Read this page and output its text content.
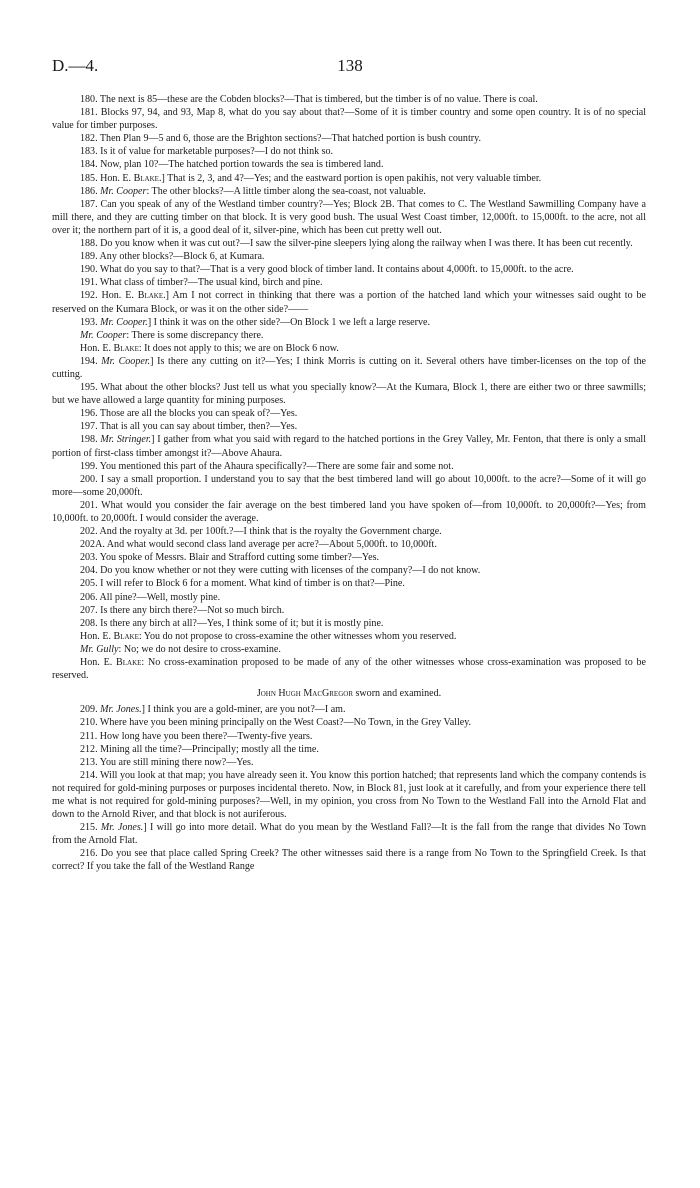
D.—4.	138

180. The next is 85—these are the Cobden blocks?—That is timbered, but the timber is of no value. There is coal.

181. Blocks 97, 94, and 93, Map 8, what do you say about that?—Some of it is timber country and some open country. It is of no special value for timber purposes.

182. Then Plan 9—5 and 6, those are the Brighton sections?—That hatched portion is bush country.

183. Is it of value for marketable purposes?—I do not think so.

184. Now, plan 10?—The hatched portion towards the sea is timbered land.

185. Hon. E. Blake.] That is 2, 3, and 4?—Yes; and the eastward portion is open pakihis, not very valuable timber.

186. Mr. Cooper: The other blocks?—A little timber along the sea-coast, not valuable.

187. Can you speak of any of the Westland timber country?—Yes; Block 2B. That comes to C. The Westland Sawmilling Company have a mill there, and they are cutting timber on that block. It is very good bush. The usual West Coast timber, 12,000ft. to 15,000ft. to the acre, not all over it; the northern part of it is, a good deal of it, silver-pine, which has been cut pretty well out.

188. Do you know when it was cut out?—I saw the silver-pine sleepers lying along the railway when I was there. It has been cut recently.

189. Any other blocks?—Block 6, at Kumara.

190. What do you say to that?—That is a very good block of timber land. It contains about 4,000ft. to 15,000ft. to the acre.

191. What class of timber?—The usual kind, birch and pine.

192. Hon. E. Blake.] Am I not correct in thinking that there was a portion of the hatched land which your witnesses said ought to be reserved on the Kumara Block, or was it on the other side?——

193. Mr. Cooper.] I think it was on the other side?—On Block 1 we left a large reserve.

Mr. Cooper: There is some discrepancy there.

Hon. E. Blake: It does not apply to this; we are on Block 6 now.

194. Mr. Cooper.] Is there any cutting on it?—Yes; I think Morris is cutting on it. Several others have timber-licenses on the top of the cutting.

195. What about the other blocks? Just tell us what you specially know?—At the Kumara, Block 1, there are either two or three sawmills; but we have allowed a large quantity for mining purposes.

196. Those are all the blocks you can speak of?—Yes.

197. That is all you can say about timber, then?—Yes.

198. Mr. Stringer.] I gather from what you said with regard to the hatched portions in the Grey Valley, Mr. Fenton, that there is only a small portion of first-class timber amongst it?—Above Ahaura.

199. You mentioned this part of the Ahaura specifically?—There are some fair and some not.

200. I say a small proportion. I understand you to say that the best timbered land will go about 10,000ft. to the acre?—Some of it will go more—some 20,000ft.

201. What would you consider the fair average on the best timbered land you have spoken of—from 10,000ft. to 20,000ft?—Yes; from 10,000ft. to 20,000ft. I would consider the average.

202. And the royalty at 3d. per 100ft.?—I think that is the royalty the Government charge.

202A. And what would second class land average per acre?—About 5,000ft. to 10,000ft.

203. You spoke of Messrs. Blair and Strafford cutting some timber?—Yes.

204. Do you know whether or not they were cutting with licenses of the company?—I do not know.

205. I will refer to Block 6 for a moment. What kind of timber is on that?—Pine.

206. All pine?—Well, mostly pine.

207. Is there any birch there?—Not so much birch.

208. Is there any birch at all?—Yes, I think some of it; but it is mostly pine.

Hon. E. Blake: You do not propose to cross-examine the other witnesses whom you reserved.

Mr. Gully: No; we do not desire to cross-examine.

Hon. E. Blake: No cross-examination proposed to be made of any of the other witnesses whose cross-examination was proposed to be reserved.

John Hugh MacGregor sworn and examined.

209. Mr. Jones.] I think you are a gold-miner, are you not?—I am.

210. Where have you been mining principally on the West Coast?—No Town, in the Grey Valley.

211. How long have you been there?—Twenty-five years.

212. Mining all the time?—Principally; mostly all the time.

213. You are still mining there now?—Yes.

214. Will you look at that map; you have already seen it. You know this portion hatched; that represents land which the company contends is not required for gold-mining purposes or purposes incidental thereto. Now, in Block 81, just look at it carefully, and from your experience there tell me what is not required for gold-mining purposes?—Well, in my opinion, you cross from No Town to the Westland Fall into the Arnold Flat and down to the Arnold River, and that block is not auriferous.

215. Mr. Jones.] I will go into more detail. What do you mean by the Westland Fall?—It is the fall from the range that divides No Town from the Arnold Flat.

216. Do you see that place called Spring Creek? The other witnesses said there is a range from No Town to the Springfield Creek. Is that correct? If you take the fall of the Westland Range
